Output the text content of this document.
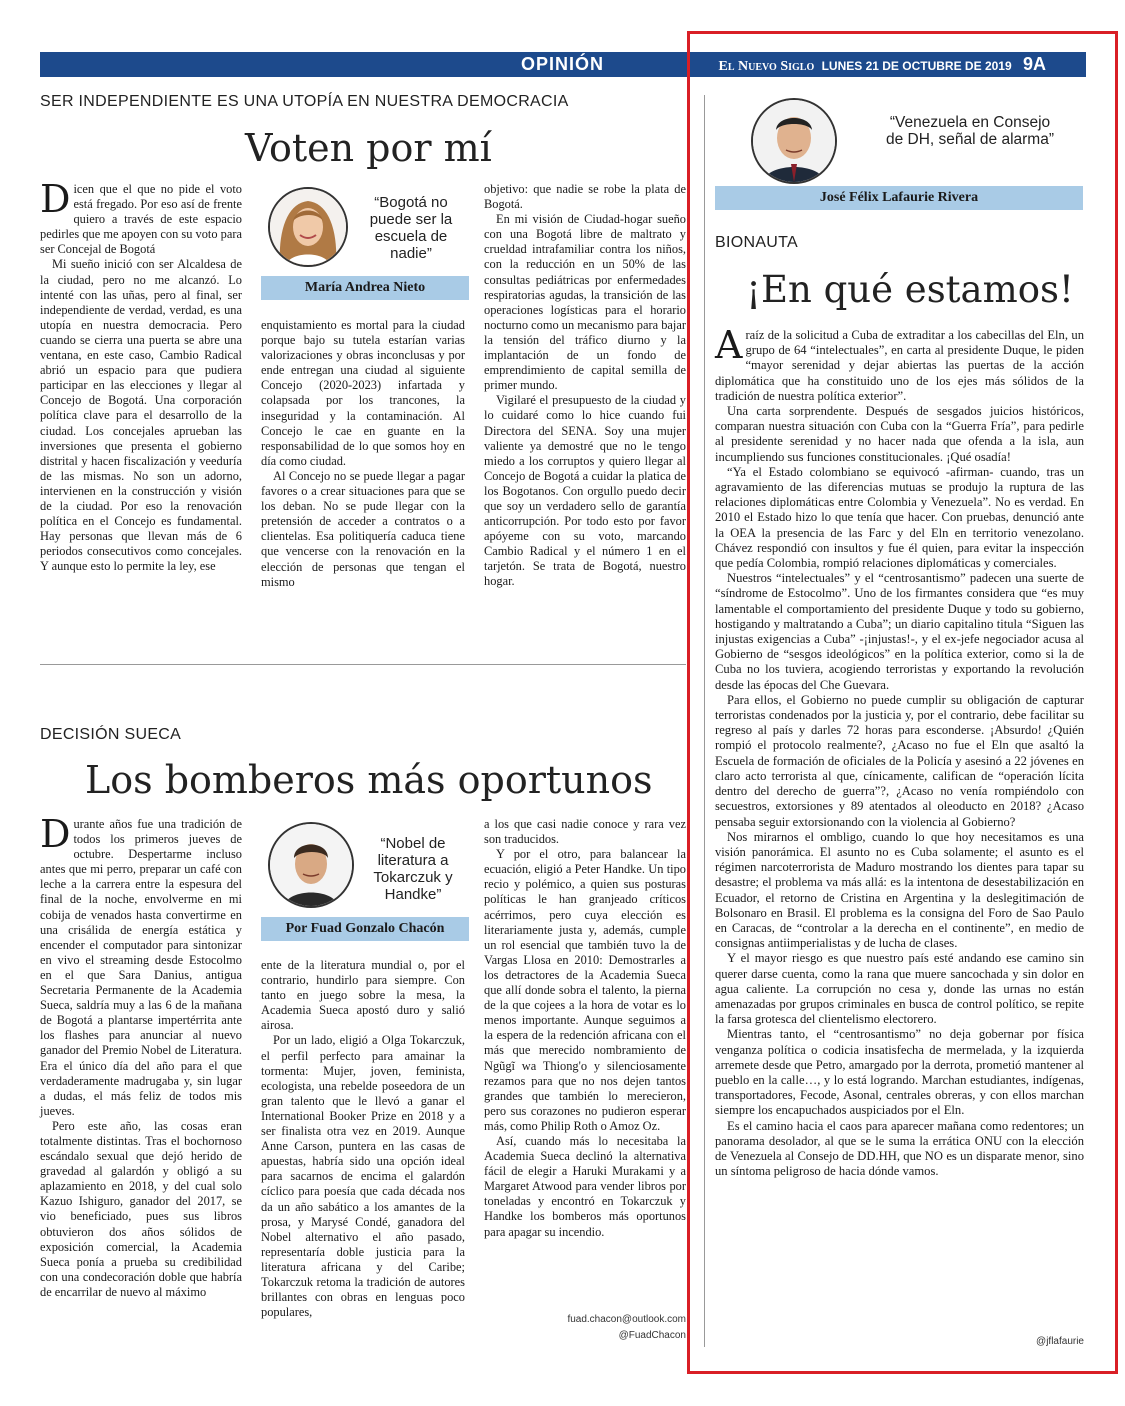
OPINIÓN	El Nuevo Siglo LUNES 21 DE OCTUBRE DE 2019 9A
SER INDEPENDIENTE ES UNA UTOPÍA EN NUESTRA DEMOCRACIA
Voten por mí

Dicen que el que no pide el voto está fregado. Por eso así de frente quiero a través de este espacio pedirles que me apoyen con su voto para ser Concejal de Bogotá

Mi sueño inició con ser Alcaldesa de la ciudad, pero no me alcanzó. Lo intenté con las uñas, pero al final, ser independiente de verdad, verdad, es una utopía en nuestra democracia. Pero cuando se cierra una puerta se abre una ventana, en este caso, Cambio Radical abrió un espacio para que pudiera participar en las elecciones y llegar al Concejo de Bogotá. Una corporación política clave para el desarrollo de la ciudad. Los concejales aprueban las inversiones que presenta el gobierno distrital y hacen fiscalización y veeduría de las mismas. No son un adorno, intervienen en la construcción y visión de la ciudad. Por eso la renovación política en el Concejo es fundamental. Hay personas que llevan más de 6 periodos consecutivos como concejales. Y aunque esto lo permite la ley, ese

“Bogotá no puede ser la escuela de nadie”
María Andrea Nieto

enquistamiento es mortal para la ciudad porque bajo su tutela estarían varias valorizaciones y obras inconclusas y por ende entregan una ciudad al siguiente Concejo (2020-2023) infartada y colapsada por los trancones, la inseguridad y la contaminación. Al Concejo le cae en guante en la responsabilidad de lo que somos hoy en día como ciudad.

Al Concejo no se puede llegar a pagar favores o a crear situaciones para que se los deban. No se pude llegar con la pretensión de acceder a contratos o a clientelas. Esa politiquería caduca tiene que vencerse con la renovación en la elección de personas que tengan el mismo

objetivo: que nadie se robe la plata de Bogotá.

En mi visión de Ciudad-hogar sueño con una Bogotá libre de maltrato y crueldad intrafamiliar contra los niños, con la reducción en un 50% de las consultas pediátricas por enfermedades respiratorias agudas, la transición de las operaciones logísticas para el horario nocturno como un mecanismo para bajar la tensión del tráfico diurno y la implantación de un fondo de emprendimiento de capital semilla de primer mundo.

Vigilaré el presupuesto de la ciudad y lo cuidaré como lo hice cuando fui Directora del SENA. Soy una mujer valiente ya demostré que no le tengo miedo a los corruptos y quiero llegar al Concejo de Bogotá a cuidar la platica de los Bogotanos. Con orgullo puedo decir que soy un verdadero sello de garantía anticorrupción. Por todo esto por favor apóyeme con su voto, marcando Cambio Radical y el número 1 en el tarjetón. Se trata de Bogotá, nuestro hogar.

DECISIÓN SUECA
Los bomberos más oportunos

Durante años fue una tradición de todos los primeros jueves de octubre. Despertarme incluso antes que mi perro, preparar un café con leche a la carrera entre la espesura del final de la noche, envolverme en mi cobija de venados hasta convertirme en una crisálida de energía estática y encender el computador para sintonizar en vivo el streaming desde Estocolmo en el que Sara Danius, antigua Secretaria Permanente de la Academia Sueca, saldría muy a las 6 de la mañana de Bogotá a plantarse impertérrita ante los flashes para anunciar al nuevo ganador del Premio Nobel de Literatura. Era el único día del año para el que verdaderamente madrugaba y, sin lugar a dudas, el más feliz de todos mis jueves.

Pero este año, las cosas eran totalmente distintas. Tras el bochornoso escándalo sexual que dejó herido de gravedad al galardón y obligó a su aplazamiento en 2018, y del cual solo Kazuo Ishiguro, ganador del 2017, se vio beneficiado, pues sus libros obtuvieron dos años sólidos de exposición comercial, la Academia Sueca ponía a prueba su credibilidad con una condecoración doble que habría de encarrilar de nuevo al máximo

“Nobel de literatura a Tokarczuk y Handke”
Por Fuad Gonzalo Chacón

ente de la literatura mundial o, por el contrario, hundirlo para siempre. Con tanto en juego sobre la mesa, la Academia Sueca apostó duro y salió airosa.

Por un lado, eligió a Olga Tokarczuk, el perfil perfecto para amainar la tormenta: Mujer, joven, feminista, ecologista, una rebelde poseedora de un gran talento que le llevó a ganar el International Booker Prize en 2018 y a ser finalista otra vez en 2019. Aunque Anne Carson, puntera en las casas de apuestas, habría sido una opción ideal para sacarnos de encima el galardón cíclico para poesía que cada década nos da un año sabático a los amantes de la prosa, y Marysé Condé, ganadora del Nobel alternativo el año pasado, representaría doble justicia para la literatura africana y del Caribe; Tokarczuk retoma la tradición de autores brillantes con obras en lenguas poco populares,

a los que casi nadie conoce y rara vez son traducidos.

Y por el otro, para balancear la ecuación, eligió a Peter Handke. Un tipo recio y polémico, a quien sus posturas políticas le han granjeado críticos acérrimos, pero cuya elección es literariamente justa y, además, cumple un rol esencial que también tuvo la de Vargas Llosa en 2010: Demostrarles a los detractores de la Academia Sueca que allí donde sobra el talento, la pierna de la que cojees a la hora de votar es lo menos importante. Aunque seguimos a la espera de la redención africana con el más que merecido nombramiento de Ngũgĩ wa Thiong'o y silenciosamente rezamos para que no nos dejen tantos grandes que también lo merecieron, pero sus corazones no pudieron esperar más, como Philip Roth o Amoz Oz.

Así, cuando más lo necesitaba la Academia Sueca declinó la alternativa fácil de elegir a Haruki Murakami y a Margaret Atwood para vender libros por toneladas y encontró en Tokarczuk y Handke los bomberos más oportunos para apagar su incendio.

fuad.chacon@outlook.com
@FuadChacon
“Venezuela en Consejo de DH, señal de alarma”
José Félix Lafaurie Rivera
BIONAUTA
¡En qué estamos!

Araíz de la solicitud a Cuba de extraditar a los cabecillas del Eln, un grupo de 64 “intelectuales”, en carta al presidente Duque, le piden “mayor serenidad y dejar abiertas las puertas de la acción diplomática que ha constituido uno de los ejes más sólidos de la tradición de nuestra política exterior”.

Una carta sorprendente. Después de sesgados juicios históricos, comparan nuestra situación con Cuba con la “Guerra Fría”, para pedirle al presidente serenidad y no hacer nada que ofenda a la isla, aun incumpliendo sus funciones constitucionales. ¡Qué osadía!

“Ya el Estado colombiano se equivocó -afirman- cuando, tras un agravamiento de las diferencias mutuas se produjo la ruptura de las relaciones diplomáticas entre Colombia y Venezuela”. No es verdad. En 2010 el Estado hizo lo que tenía que hacer. Con pruebas, denunció ante la OEA la presencia de las Farc y del Eln en territorio venezolano. Chávez respondió con insultos y fue él quien, para evitar la inspección que pedía Colombia, rompió relaciones diplomáticas y comerciales.

Nuestros “intelectuales” y el “centrosantismo” padecen una suerte de “síndrome de Estocolmo”. Uno de los firmantes considera que “es muy lamentable el comportamiento del presidente Duque y todo su gobierno, hostigando y maltratando a Cuba”; un diario capitalino titula “Siguen las injustas exigencias a Cuba” -¡injustas!-, y el ex-jefe negociador acusa al Gobierno de “sesgos ideológicos” en la política exterior, como si la de Cuba no los tuviera, acogiendo terroristas y exportando la revolución desde las épocas del Che Guevara.

Para ellos, el Gobierno no puede cumplir su obligación de capturar terroristas condenados por la justicia y, por el contrario, debe facilitar su regreso al país y darles 72 horas para esconderse. ¡Absurdo! ¿Quién rompió el protocolo realmente?, ¿Acaso no fue el Eln que asaltó la Escuela de formación de oficiales de la Policía y asesinó a 22 jóvenes en claro acto terrorista al que, cínicamente, califican de “operación lícita dentro del derecho de guerra”?, ¿Acaso no venía rompiéndolo con secuestros, extorsiones y 89 atentados al oleoducto en 2018? ¿Acaso pensaba seguir extorsionando con la violencia al Gobierno?

Nos mirarnos el ombligo, cuando lo que hoy necesitamos es una visión panorámica. El asunto no es Cuba solamente; el asunto es el régimen narcoterrorista de Maduro mostrando los dientes para tapar su desastre; el problema va más allá: es la intentona de desestabilización en Ecuador, el retorno de Cristina en Argentina y la deslegitimación de Bolsonaro en Brasil. El problema es la consigna del Foro de Sao Paulo en Caracas, de “controlar a la derecha en el continente”, en medio de consignas antiimperialistas y de lucha de clases.

Y el mayor riesgo es que nuestro país esté andando ese camino sin querer darse cuenta, como la rana que muere sancochada y sin dolor en agua caliente. La corrupción no cesa y, donde las urnas no están amenazadas por grupos criminales en busca de control político, se repite la farsa grotesca del clientelismo electorero.

Mientras tanto, el “centrosantismo” no deja gobernar por física venganza política o codicia insatisfecha de mermelada, y la izquierda arremete desde que Petro, amargado por la derrota, prometió mantener al pueblo en la calle…, y lo está logrando. Marchan estudiantes, indígenas, transportadores, Fecode, Asonal, centrales obreras, y con ellos marchan siempre los encapuchados auspiciados por el Eln.

Es el camino hacia el caos para aparecer mañana como redentores; un panorama desolador, al que se le suma la errática ONU con la elección de Venezuela al Consejo de DD.HH, que NO es un disparate menor, sino un síntoma peligroso de hacia dónde vamos.

@jflafaurie
